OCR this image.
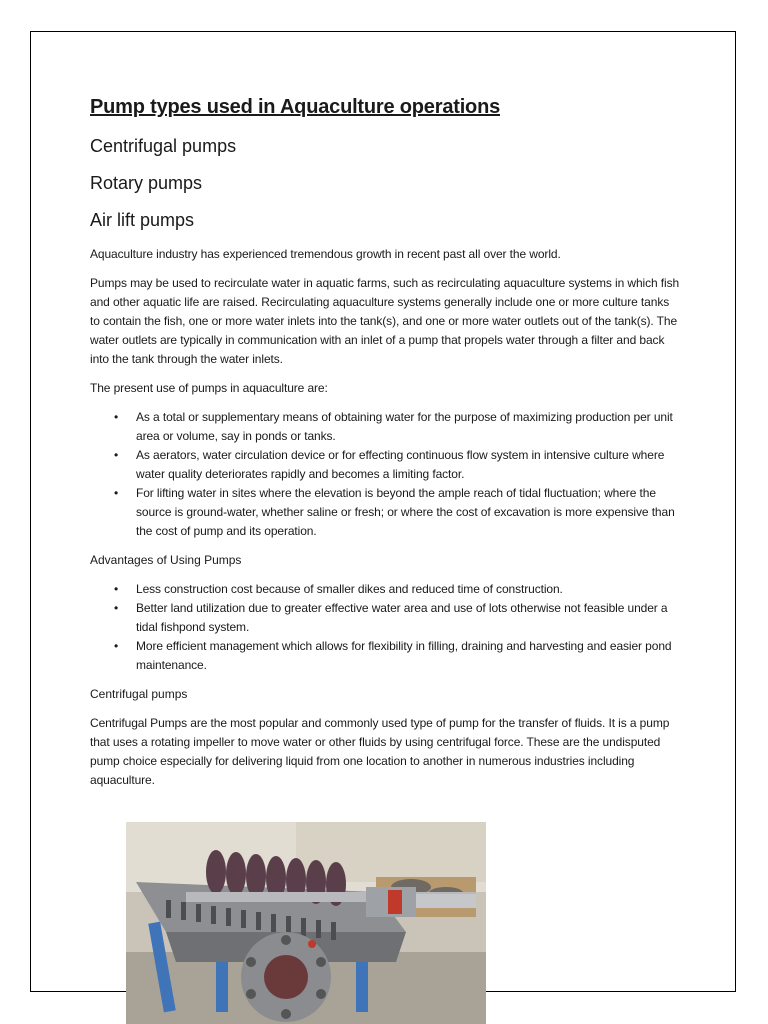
Pump types used in Aquaculture operations
Centrifugal pumps
Rotary pumps
Air lift pumps

Aquaculture industry has experienced tremendous growth in recent past all over the world.

Pumps may be used to recirculate water in aquatic farms, such as recirculating aquaculture systems in which fish and other aquatic life are raised. Recirculating aquaculture systems generally include one or more culture tanks to contain the fish, one or more water inlets into the tank(s), and one or more water outlets out of the tank(s). The water outlets are typically in communication with an inlet of a pump that propels water through a filter and back into the tank through the water inlets.

The present use of pumps in aquaculture are:

• As a total or supplementary means of obtaining water for the purpose of maximizing production per unit area or volume, say in ponds or tanks.
• As aerators, water circulation device or for effecting continuous flow system in intensive culture where water quality deteriorates rapidly and becomes a limiting factor.
• For lifting water in sites where the elevation is beyond the ample reach of tidal fluctuation; where the source is ground-water, whether saline or fresh; or where the cost of excavation is more expensive than the cost of pump and its operation.
Advantages of Using Pumps
• Less construction cost because of smaller dikes and reduced time of construction.
• Better land utilization due to greater effective water area and use of lots otherwise not feasible under a tidal fishpond system.
• More efficient management which allows for flexibility in filling, draining and harvesting and easier pond maintenance.
Centrifugal pumps

Centrifugal Pumps are the most popular and commonly used type of pump for the transfer of fluids. It is a pump that uses a rotating impeller to move water or other fluids by using centrifugal force. These are the undisputed pump choice especially for delivering liquid from one location to another in numerous industries including aquaculture.
